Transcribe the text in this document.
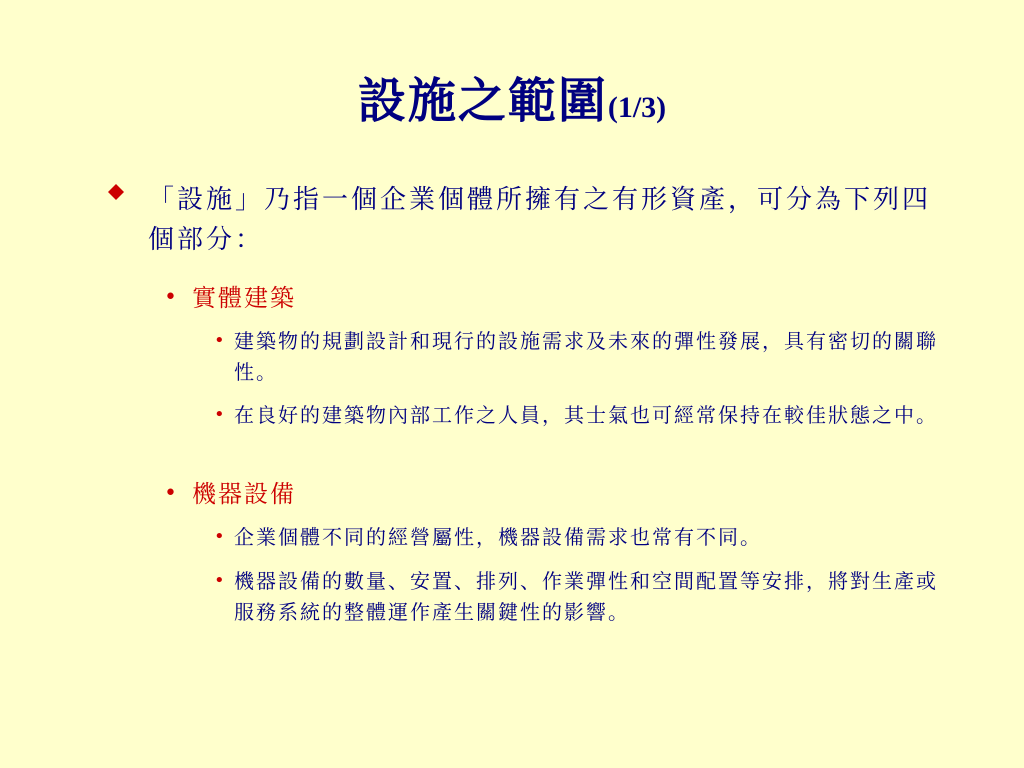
設施之範圍(1/3)
「設施」乃指一個企業個體所擁有之有形資產，可分為下列四個部分：
• 實體建築
• 建築物的規劃設計和現行的設施需求及未來的彈性發展，具有密切的關聯性。
• 在良好的建築物內部工作之人員，其士氣也可經常保持在較佳狀態之中。
• 機器設備
• 企業個體不同的經營屬性，機器設備需求也常有不同。
• 機器設備的數量、安置、排列、作業彈性和空間配置等安排，將對生產或服務系統的整體運作產生關鍵性的影響。
